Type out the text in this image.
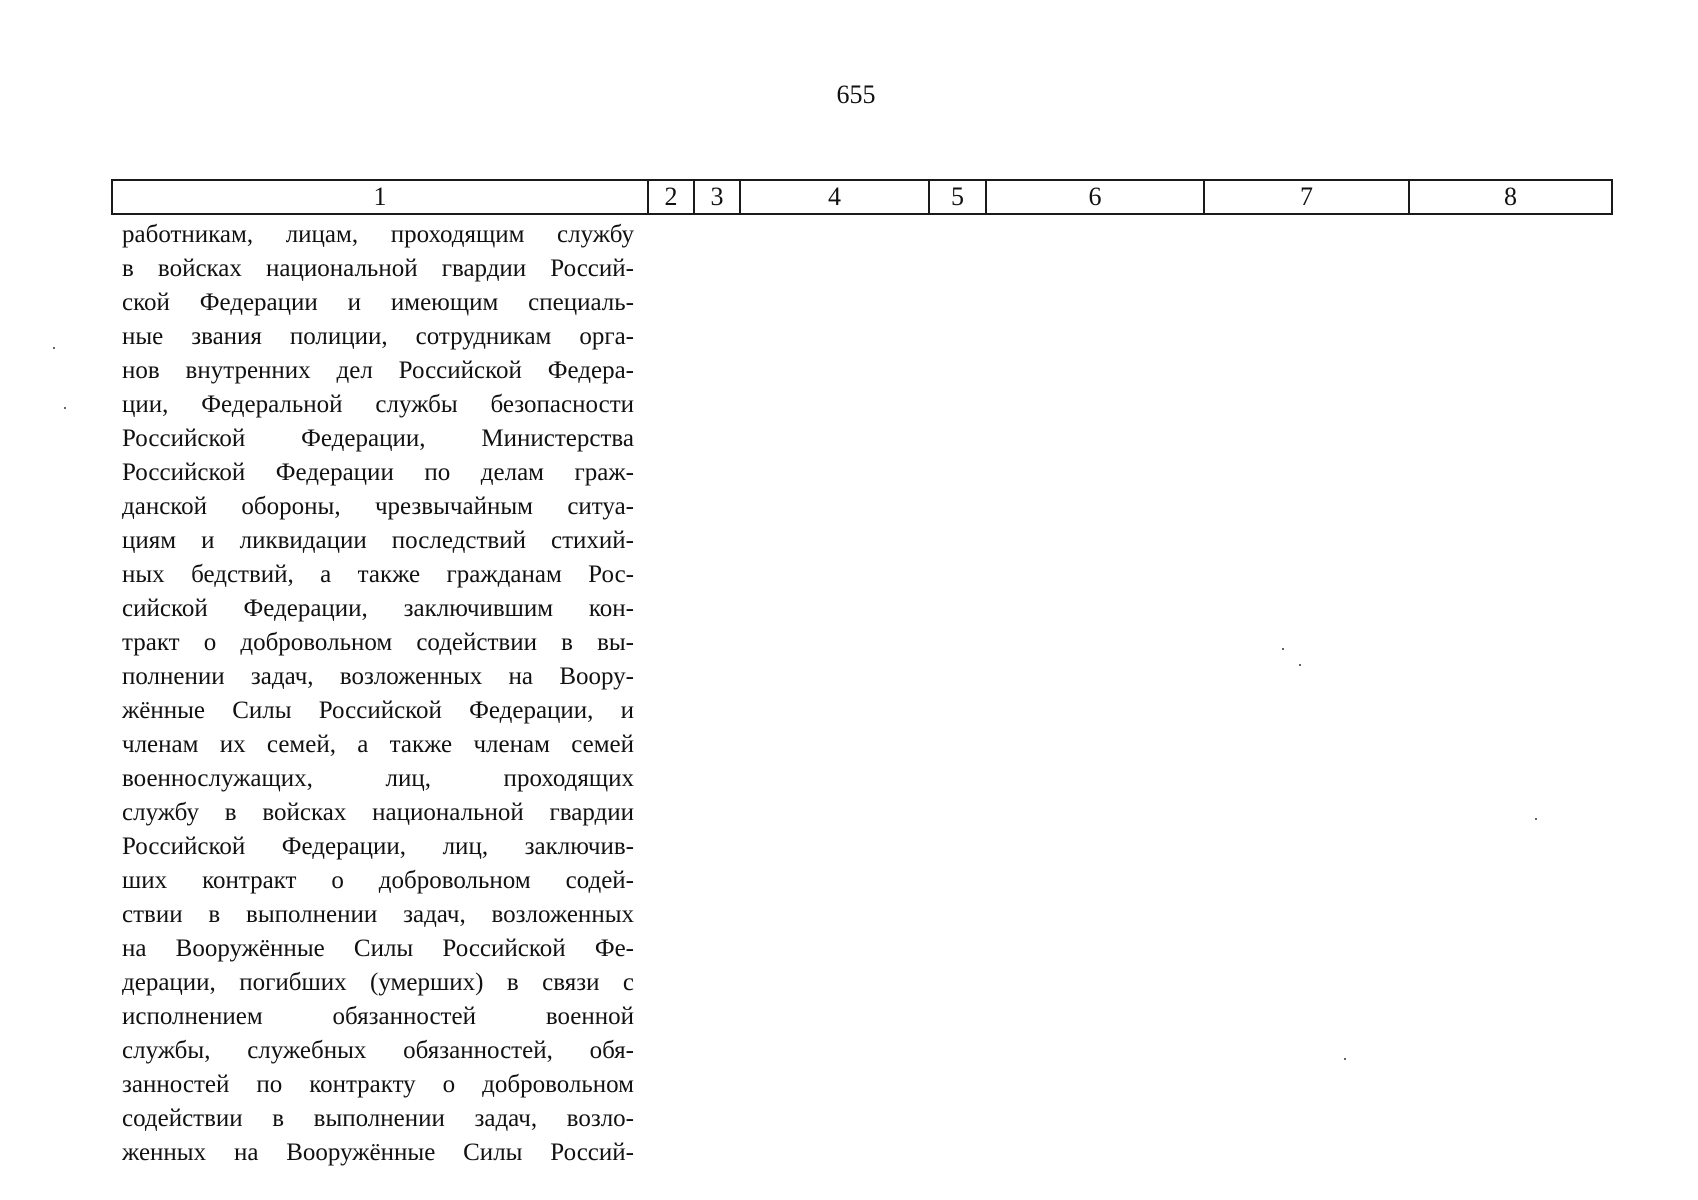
655
1	2	3	4	5	6	7	8
работникам, лицам, проходящим службу
в войсках национальной гвардии Россий-
ской Федерации и имеющим специаль-
ные звания полиции, сотрудникам орга-
нов внутренних дел Российской Федера-
ции, Федеральной службы безопасности
Российской Федерации, Министерства
Российской Федерации по делам граж-
данской обороны, чрезвычайным ситуа-
циям и ликвидации последствий стихий-
ных бедствий, а также гражданам Рос-
сийской Федерации, заключившим кон-
тракт о добровольном содействии в вы-
полнении задач, возложенных на Воору-
жённые Силы Российской Федерации, и
членам их семей, а также членам семей
военнослужащих, лиц, проходящих
службу в войсках национальной гвардии
Российской Федерации, лиц, заключив-
ших контракт о добровольном содей-
ствии в выполнении задач, возложенных
на Вооружённые Силы Российской Фе-
дерации, погибших (умерших) в связи с
исполнением обязанностей военной
службы, служебных обязанностей, обя-
занностей по контракту о добровольном
содействии в выполнении задач, возло-
женных на Вооружённые Силы Россий-
